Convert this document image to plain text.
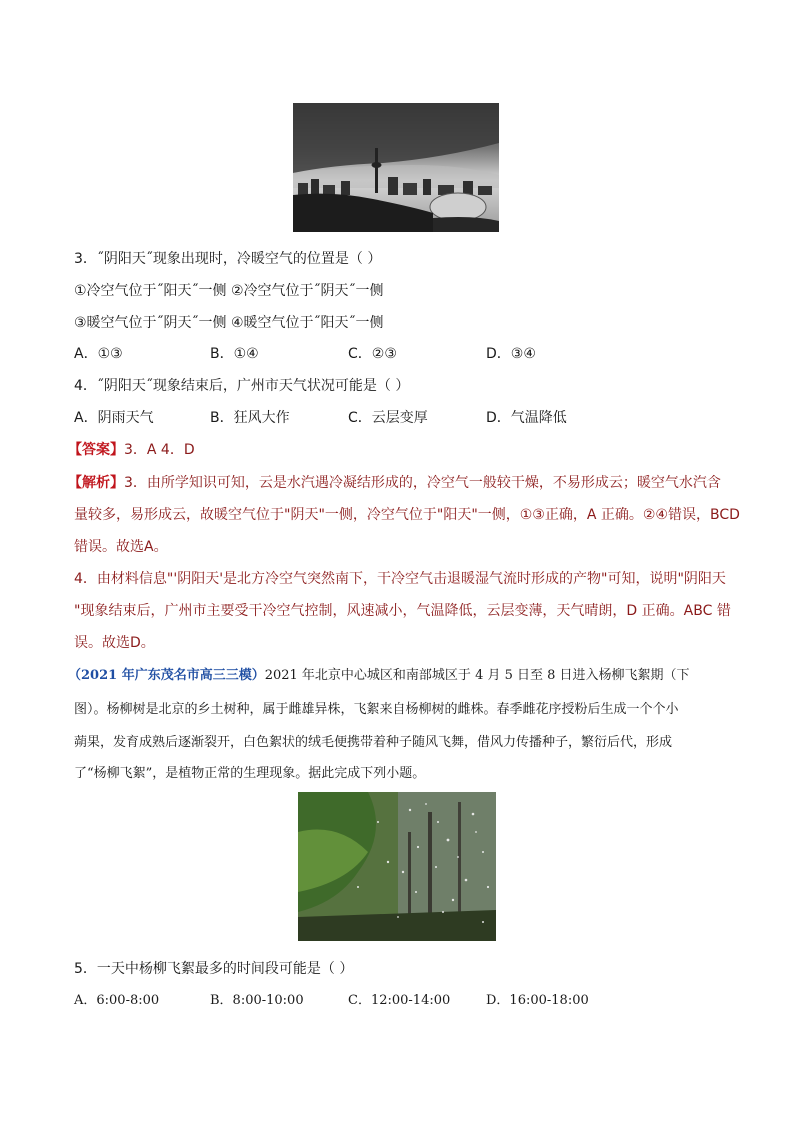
3．˝阴阳天˝现象出现时，冷暖空气的位置是（ ）

①冷空气位于˝阳天˝一侧 ②冷空气位于˝阴天˝一侧

③暖空气位于˝阴天˝一侧 ④暖空气位于˝阳天˝一侧

A．①③	B．①④	C．②③	D．③④

4．˝阴阳天˝现象结束后，广州市天气状况可能是（ ）

A．阴雨天气	B．狂风大作	C．云层变厚	D．气温降低

【答案】3．A 4．D

【解析】3．由所学知识可知，云是水汽遇冷凝结形成的，冷空气一般较干燥，不易形成云；暖空气水汽含

量较多，易形成云，故暖空气位于"阴天"一侧，冷空气位于"阳天"一侧，①③正确，A 正确。②④错误，BCD

错误。故选A。

4．由材料信息"'阴阳天'是北方冷空气突然南下，干冷空气击退暖湿气流时形成的产物"可知，说明"阴阳天

"现象结束后，广州市主要受干冷空气控制，风速减小，气温降低，云层变薄，天气晴朗，D 正确。ABC 错

误。故选D。

（2021 年广东茂名市高三三模）2021 年北京中心城区和南部城区于 4 月 5 日至 8 日进入杨柳飞絮期（下

图）。杨柳树是北京的乡土树种，属于雌雄异株，飞絮来自杨柳树的雌株。春季雌花序授粉后生成一个个小

蒴果，发育成熟后逐渐裂开，白色絮状的绒毛便携带着种子随风飞舞，借风力传播种子，繁衍后代，形成

了“杨柳飞絮”，是植物正常的生理现象。据此完成下列小题。

5．一天中杨柳飞絮最多的时间段可能是（ ）

A．6:00-8:00	B．8:00-10:00	C．12:00-14:00	D．16:00-18:00
